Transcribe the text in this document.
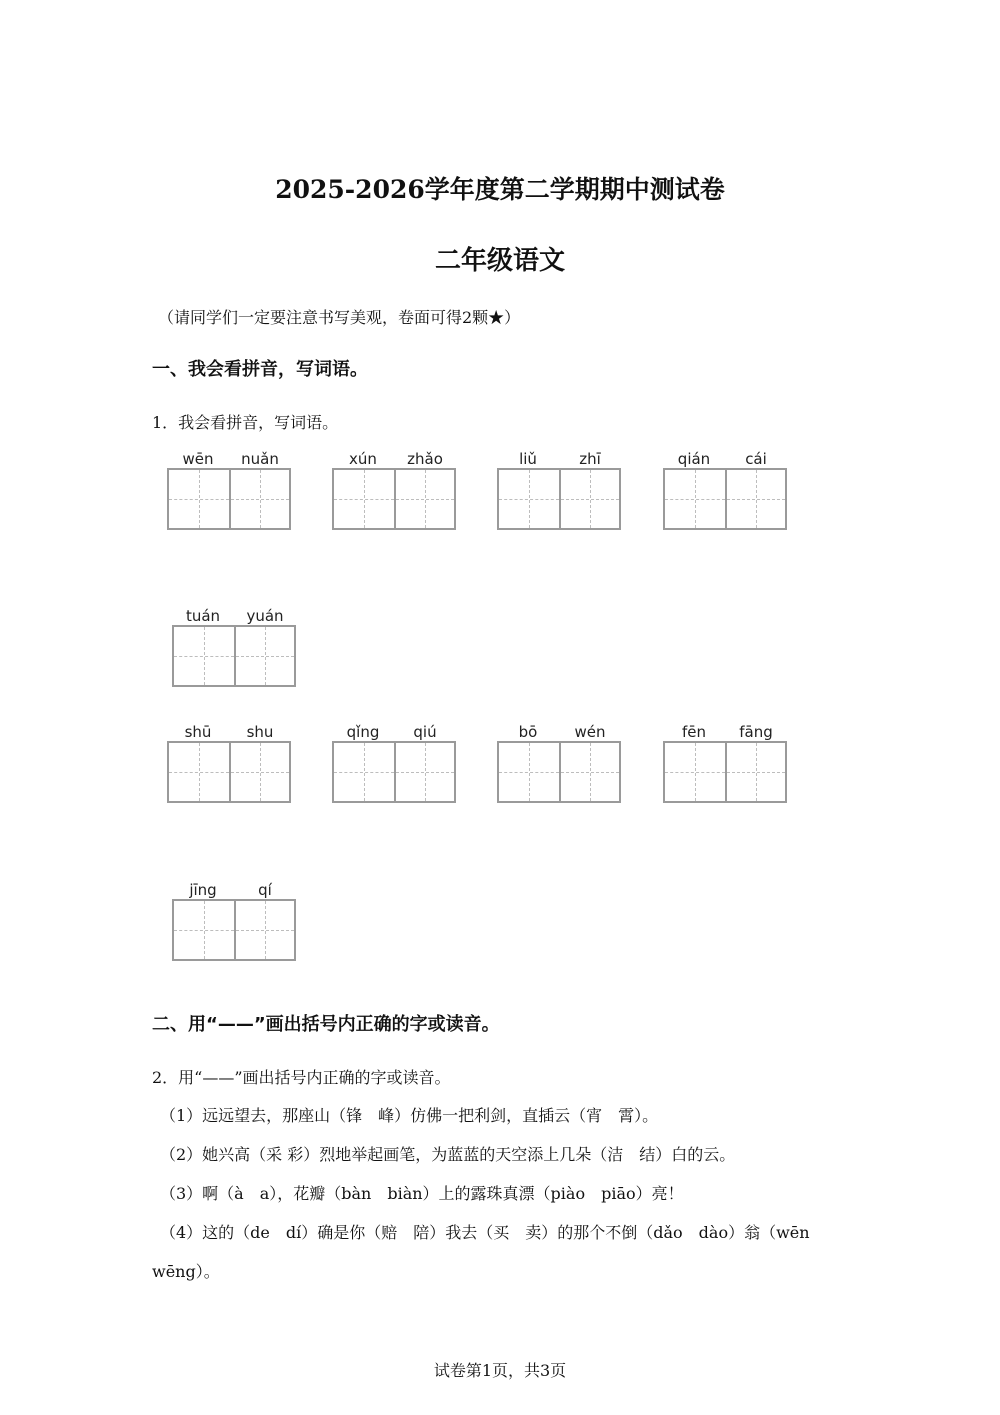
2025-2026学年度第二学期期中测试卷
二年级语文
（请同学们一定要注意书写美观，卷面可得2颗★）
一、我会看拼音，写词语。
1．我会看拼音，写词语。
wēn	nuǎn	xún	zhǎo	liǔ	zhī	qián	cái
tuán	yuán
shū	shu	qǐng	qiú	bō	wén	fēn	fāng
jīng	qí
二、用“——”画出括号内正确的字或读音。
2．用“——”画出括号内正确的字或读音。
（1）远远望去，那座山（锋　峰）仿佛一把利剑，直插云（宵　霄）。
（2）她兴高（采 彩）烈地举起画笔，为蓝蓝的天空添上几朵（洁　结）白的云。
（3）啊（à　a），花瓣（bàn　biàn）上的露珠真漂（piào　piāo）亮！
（4）这的（de　dí）确是你（赔　陪）我去（买　卖）的那个不倒（dǎo　dào）翁（wēn
wēng）。
试卷第1页，共3页
